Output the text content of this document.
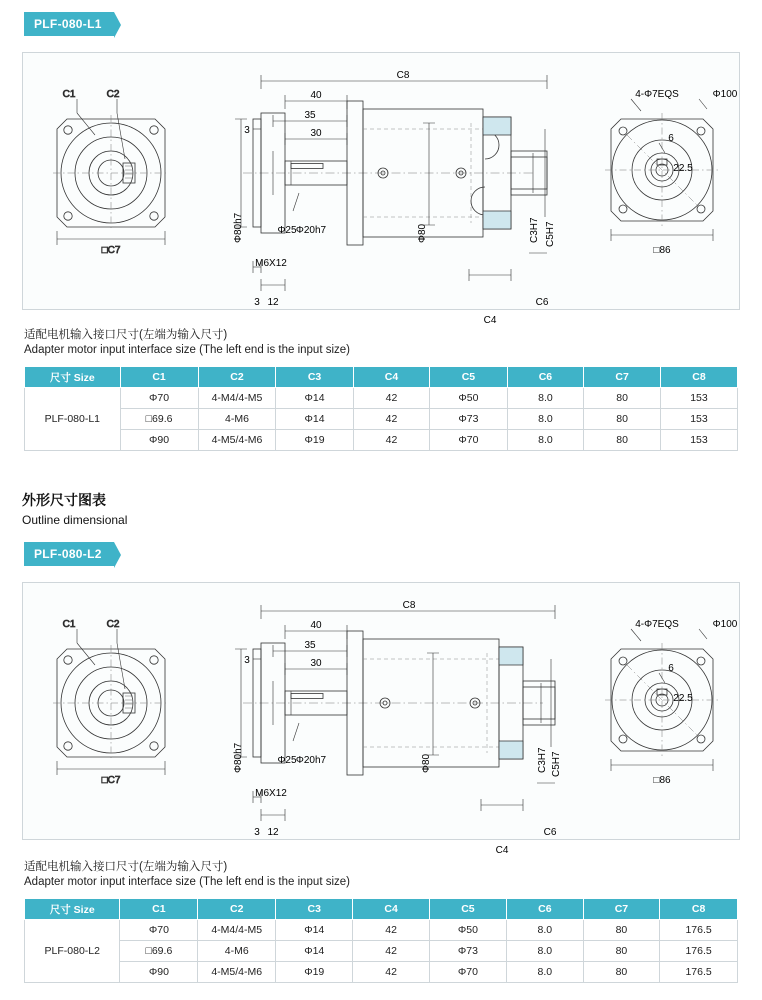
PLF-080-L1
C1	C2
□C7
C8
40
35
30
3
3 12
Φ25 Φ20h7
Φ80h7	Φ80
M6X12
C3H7 C5H7
C4
C6
4-Φ7EQS	Φ100
6
22.5
□86
适配电机输入接口尺寸(左端为输入尺寸)
Adapter motor input interface size (The left end is the input size)
尺寸 Size	C1	C2	C3	C4	C5	C6	C7	C8
PLF-080-L1	Φ70	4-M4/4-M5	Φ14	42	Φ50	8.0	80	153
	□69.6	4-M6	Φ14	42	Φ73	8.0	80	153
	Φ90	4-M5/4-M6	Φ19	42	Φ70	8.0	80	153
外形尺寸图表
Outline dimensional
PLF-080-L2
C1	C2
□C7
C8
40
35
30
3
3 12
Φ25 Φ20h7
Φ80h7	Φ80
M6X12
C3H7 C5H7
C4
C6
4-Φ7EQS	Φ100
6
22.5
□86
适配电机输入接口尺寸(左端为输入尺寸)
Adapter motor input interface size (The left end is the input size)
尺寸 Size	C1	C2	C3	C4	C5	C6	C7	C8
PLF-080-L2	Φ70	4-M4/4-M5	Φ14	42	Φ50	8.0	80	176.5
	□69.6	4-M6	Φ14	42	Φ73	8.0	80	176.5
	Φ90	4-M5/4-M6	Φ19	42	Φ70	8.0	80	176.5
